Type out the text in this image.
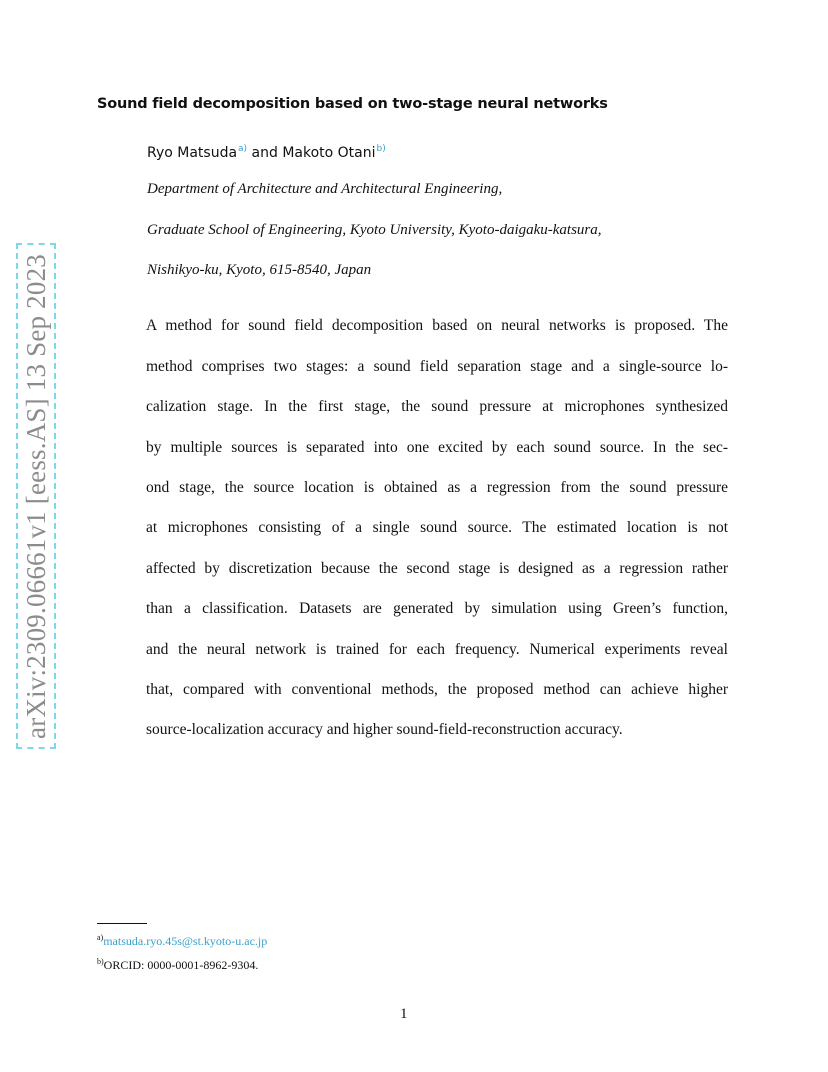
arXiv:2309.06661v1 [eess.AS] 13 Sep 2023
Sound field decomposition based on two-stage neural networks
Ryo Matsuda$^{a)}$ and Makoto Otani$^{b)}$
Department of Architecture and Architectural Engineering,
Graduate School of Engineering, Kyoto University, Kyoto-daigaku-katsura,
Nishikyo-ku, Kyoto, 615-8540, Japan
A method for sound field decomposition based on neural networks is proposed. The
method comprises two stages: a sound field separation stage and a single-source lo-
calization stage. In the first stage, the sound pressure at microphones synthesized
by multiple sources is separated into one excited by each sound source. In the sec-
ond stage, the source location is obtained as a regression from the sound pressure
at microphones consisting of a single sound source. The estimated location is not
affected by discretization because the second stage is designed as a regression rather
than a classification. Datasets are generated by simulation using Green’s function,
and the neural network is trained for each frequency. Numerical experiments reveal
that, compared with conventional methods, the proposed method can achieve higher
source-localization accuracy and higher sound-field-reconstruction accuracy.
$^{a)}$matsuda.ryo.45s@st.kyoto-u.ac.jp
$^{b)}$ORCID: 0000-0001-8962-9304.
1
